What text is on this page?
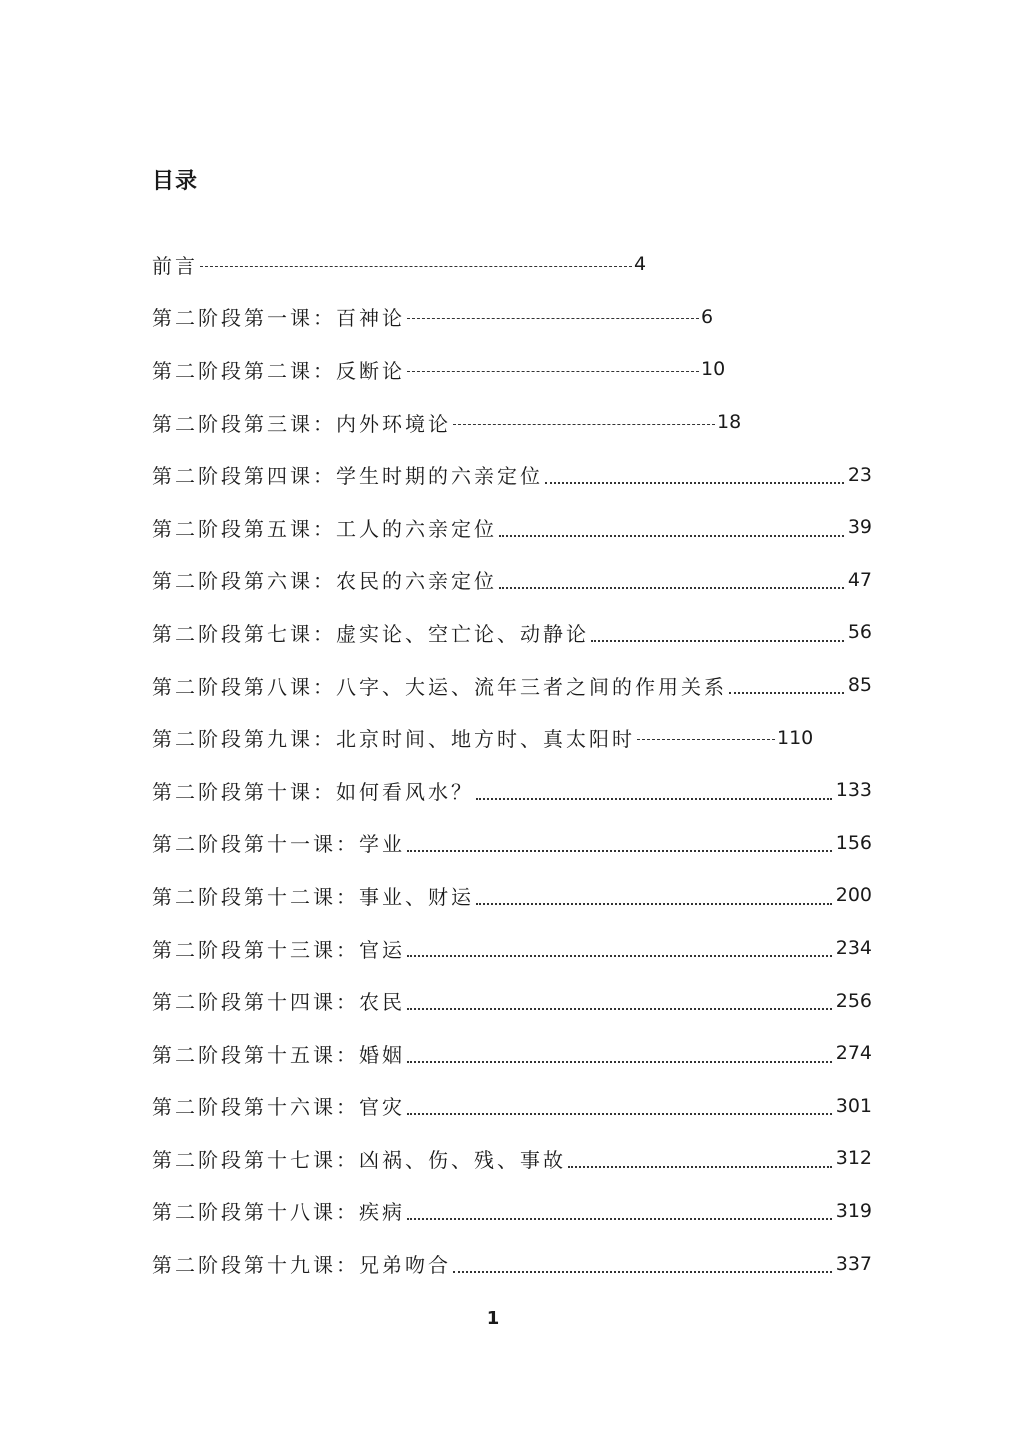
目录
前言	4
第二阶段第一课：百神论	6
第二阶段第二课：反断论	10
第二阶段第三课：内外环境论	18
第二阶段第四课：学生时期的六亲定位	23
第二阶段第五课：工人的六亲定位	39
第二阶段第六课：农民的六亲定位	47
第二阶段第七课：虚实论、空亡论、动静论	56
第二阶段第八课：八字、大运、流年三者之间的作用关系	85
第二阶段第九课：北京时间、地方时、真太阳时	110
第二阶段第十课：如何看风水？	133
第二阶段第十一课：学业	156
第二阶段第十二课：事业、财运	200
第二阶段第十三课：官运	234
第二阶段第十四课：农民	256
第二阶段第十五课：婚姻	274
第二阶段第十六课：官灾	301
第二阶段第十七课：凶祸、伤、残、事故	312
第二阶段第十八课：疾病	319
第二阶段第十九课：兄弟吻合	337
1
